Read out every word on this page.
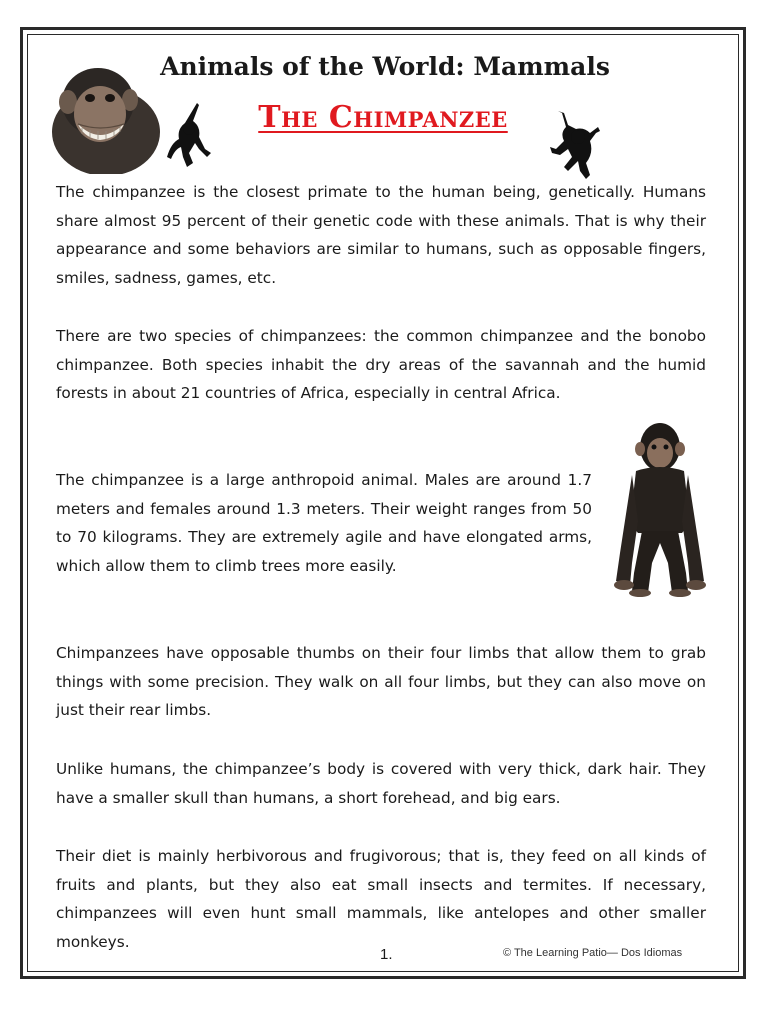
Animals of the World: Mammals
The Chimpanzee

The chimpanzee is the closest primate to the human being, genetically. Humans share almost 95 percent of their genetic code with these animals. That is why their appearance and some behaviors are similar to humans, such as opposable fingers, smiles, sadness, games, etc.

There are two species of chimpanzees: the common chimpanzee and the bonobo chimpanzee. Both species inhabit the dry areas of the savannah and the humid forests in about 21 countries of Africa, especially in central Africa.

The chimpanzee is a large anthropoid animal. Males are around 1.7 meters and females around 1.3 meters. Their weight ranges from 50 to 70 kilograms. They are extremely agile and have elongated arms, which allow them to climb trees more easily.

Chimpanzees have opposable thumbs on their four limbs that allow them to grab things with some precision. They walk on all four limbs, but they can also move on just their rear limbs.

Unlike humans, the chimpanzee’s body is covered with very thick, dark hair. They have a smaller skull than humans, a short forehead, and big ears.

Their diet is mainly herbivorous and frugivorous; that is, they feed on all kinds of fruits and plants, but they also eat small insects and termites. If necessary, chimpanzees will even hunt small mammals, like antelopes and other smaller monkeys.

1.	© The Learning Patio— Dos Idiomas
